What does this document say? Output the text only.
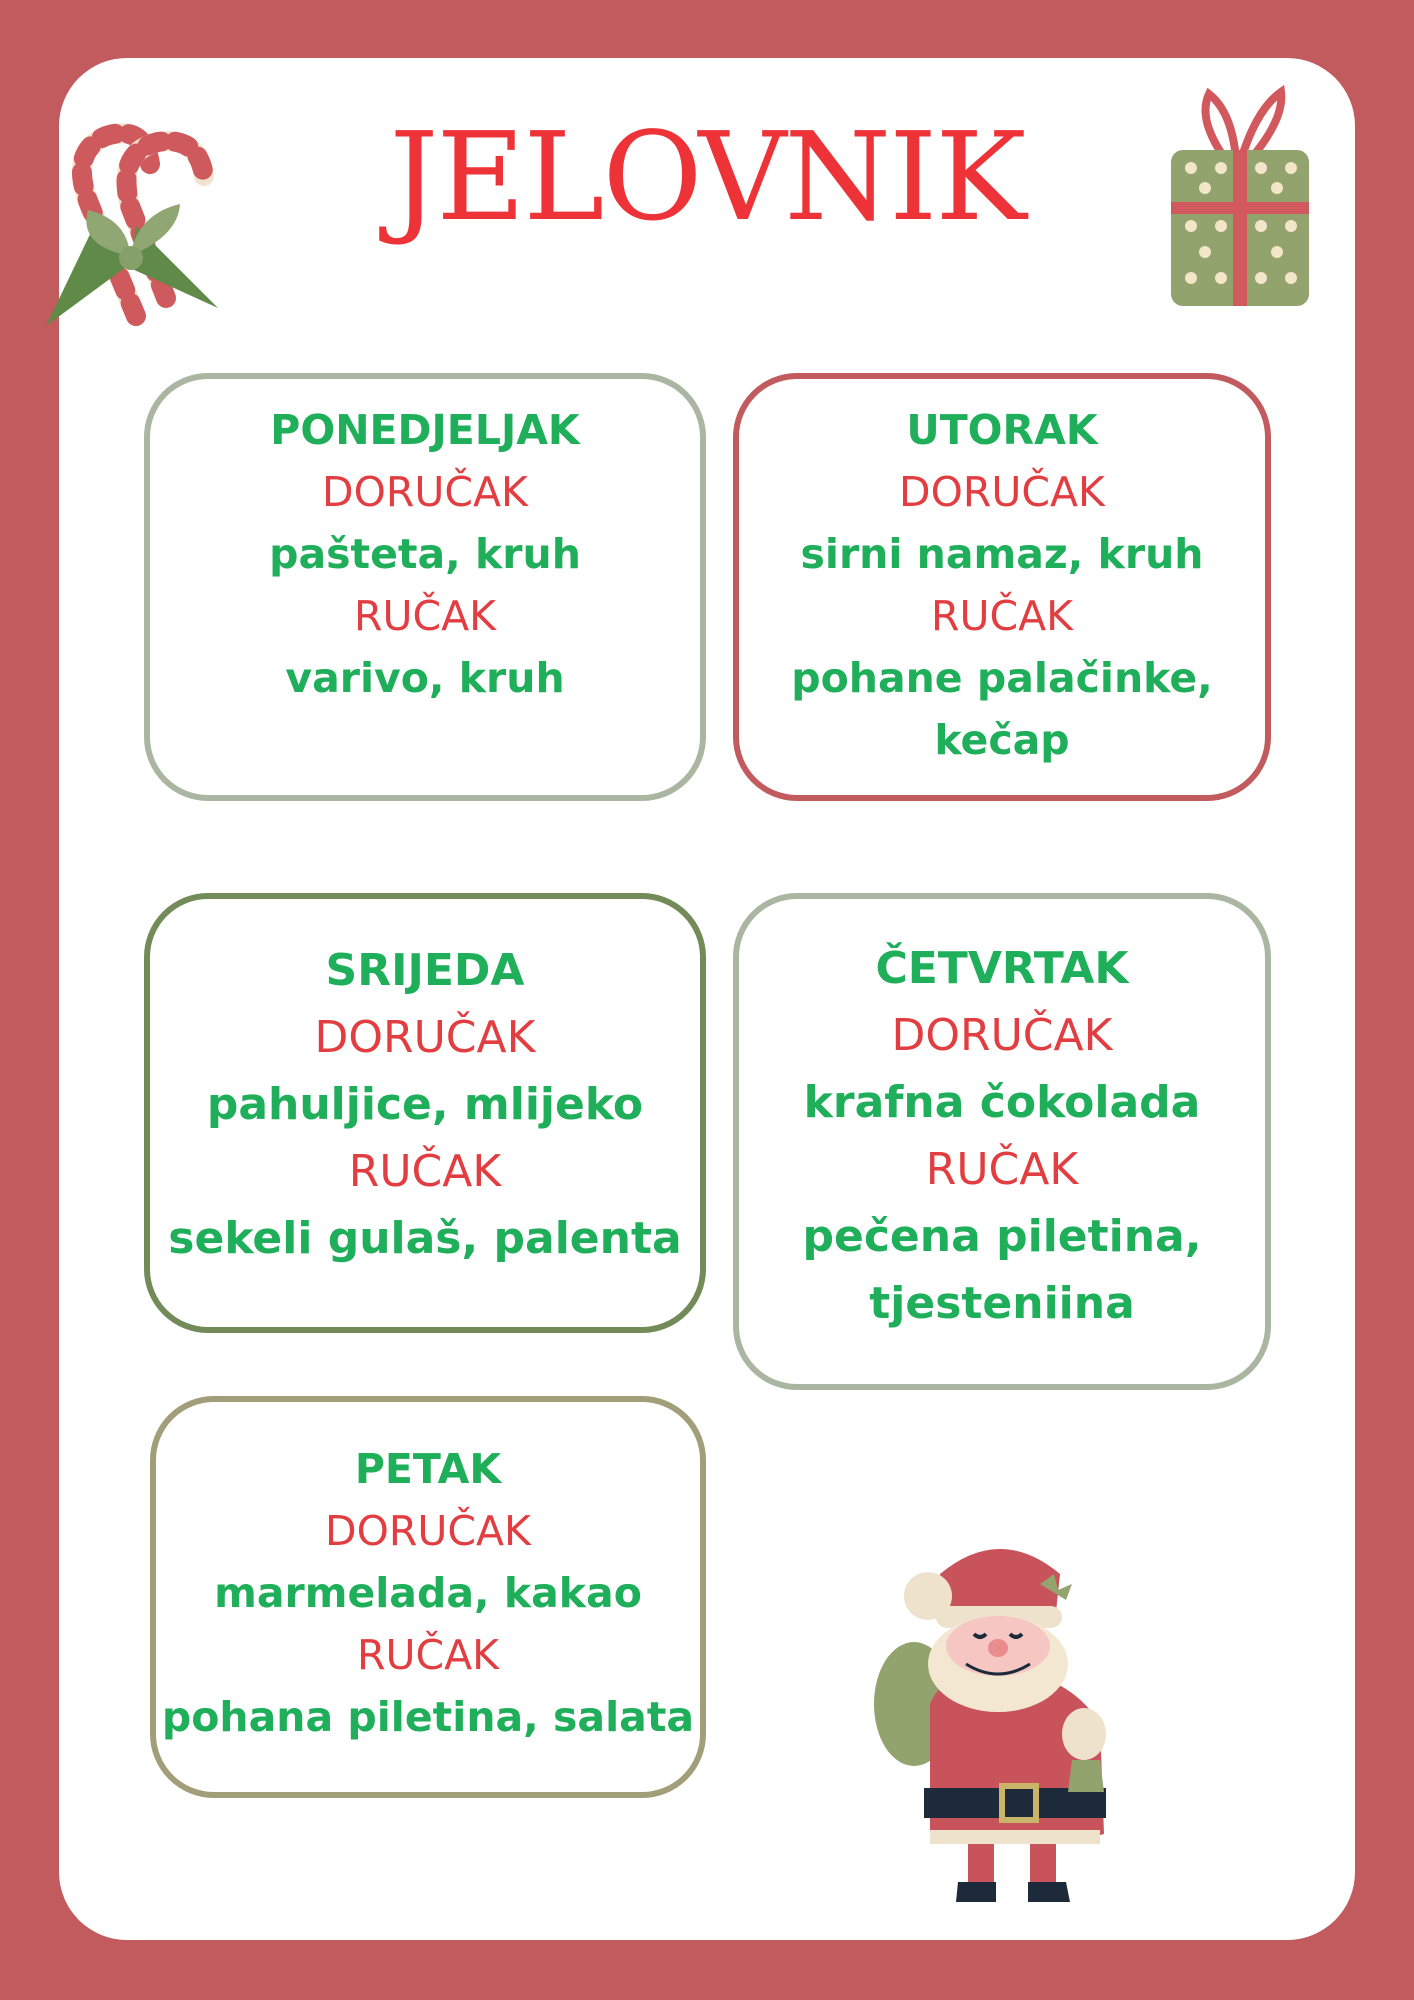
JELOVNIK
PONEDJELJAK
DORUČAK
pašteta, kruh
RUČAK
varivo, kruh
UTORAK
DORUČAK
sirni namaz, kruh
RUČAK
pohane palačinke,
kečap
SRIJEDA
DORUČAK
pahuljice, mlijeko
RUČAK
sekeli gulaš, palenta
ČETVRTAK
DORUČAK
krafna čokolada
RUČAK
pečena piletina,
tjesteniina
PETAK
DORUČAK
marmelada, kakao
RUČAK
pohana piletina, salata
